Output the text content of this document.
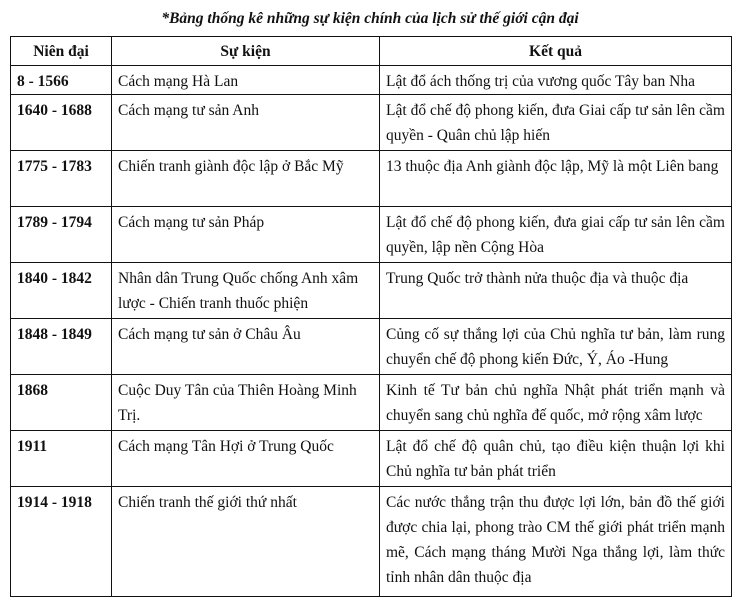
*Bảng thống kê những sự kiện chính của lịch sử thế giới cận đại
Niên đại	Sự kiện	Kết quả
8 - 1566	Cách mạng Hà Lan	Lật đổ ách thống trị của vương quốc Tây ban Nha
1640 - 1688	Cách mạng tư sản Anh	Lật đổ chế độ phong kiến, đưa Giai cấp tư sản lên cầm quyền - Quân chủ lập hiến
1775 - 1783	Chiến tranh giành độc lập ở Bắc Mỹ	13 thuộc địa Anh giành độc lập, Mỹ là một Liên bang
1789 - 1794	Cách mạng tư sản Pháp	Lật đổ chế độ phong kiến, đưa giai cấp tư sản lên cầm quyền, lập nền Cộng Hòa
1840 - 1842	Nhân dân Trung Quốc chống Anh xâm lược - Chiến tranh thuốc phiện	Trung Quốc trở thành nửa thuộc địa và thuộc địa
1848 - 1849	Cách mạng tư sản ở Châu Âu	Củng cố sự thắng lợi của Chủ nghĩa tư bản, làm rung chuyển chế độ phong kiến Đức, Ý, Áo -Hung
1868	Cuộc Duy Tân của Thiên Hoàng Minh Trị.	Kinh tế Tư bản chủ nghĩa Nhật phát triển mạnh và chuyển sang chủ nghĩa đế quốc, mở rộng xâm lược
1911	Cách mạng Tân Hợi ở Trung Quốc	Lật đổ chế độ quân chủ, tạo điều kiện thuận lợi khi Chủ nghĩa tư bản phát triển
1914 - 1918	Chiến tranh thế giới thứ nhất	Các nước thắng trận thu được lợi lớn, bản đồ thế giới được chia lại, phong trào CM thế giới phát triển mạnh mẽ, Cách mạng tháng Mười Nga thắng lợi, làm thức tỉnh nhân dân thuộc địa
